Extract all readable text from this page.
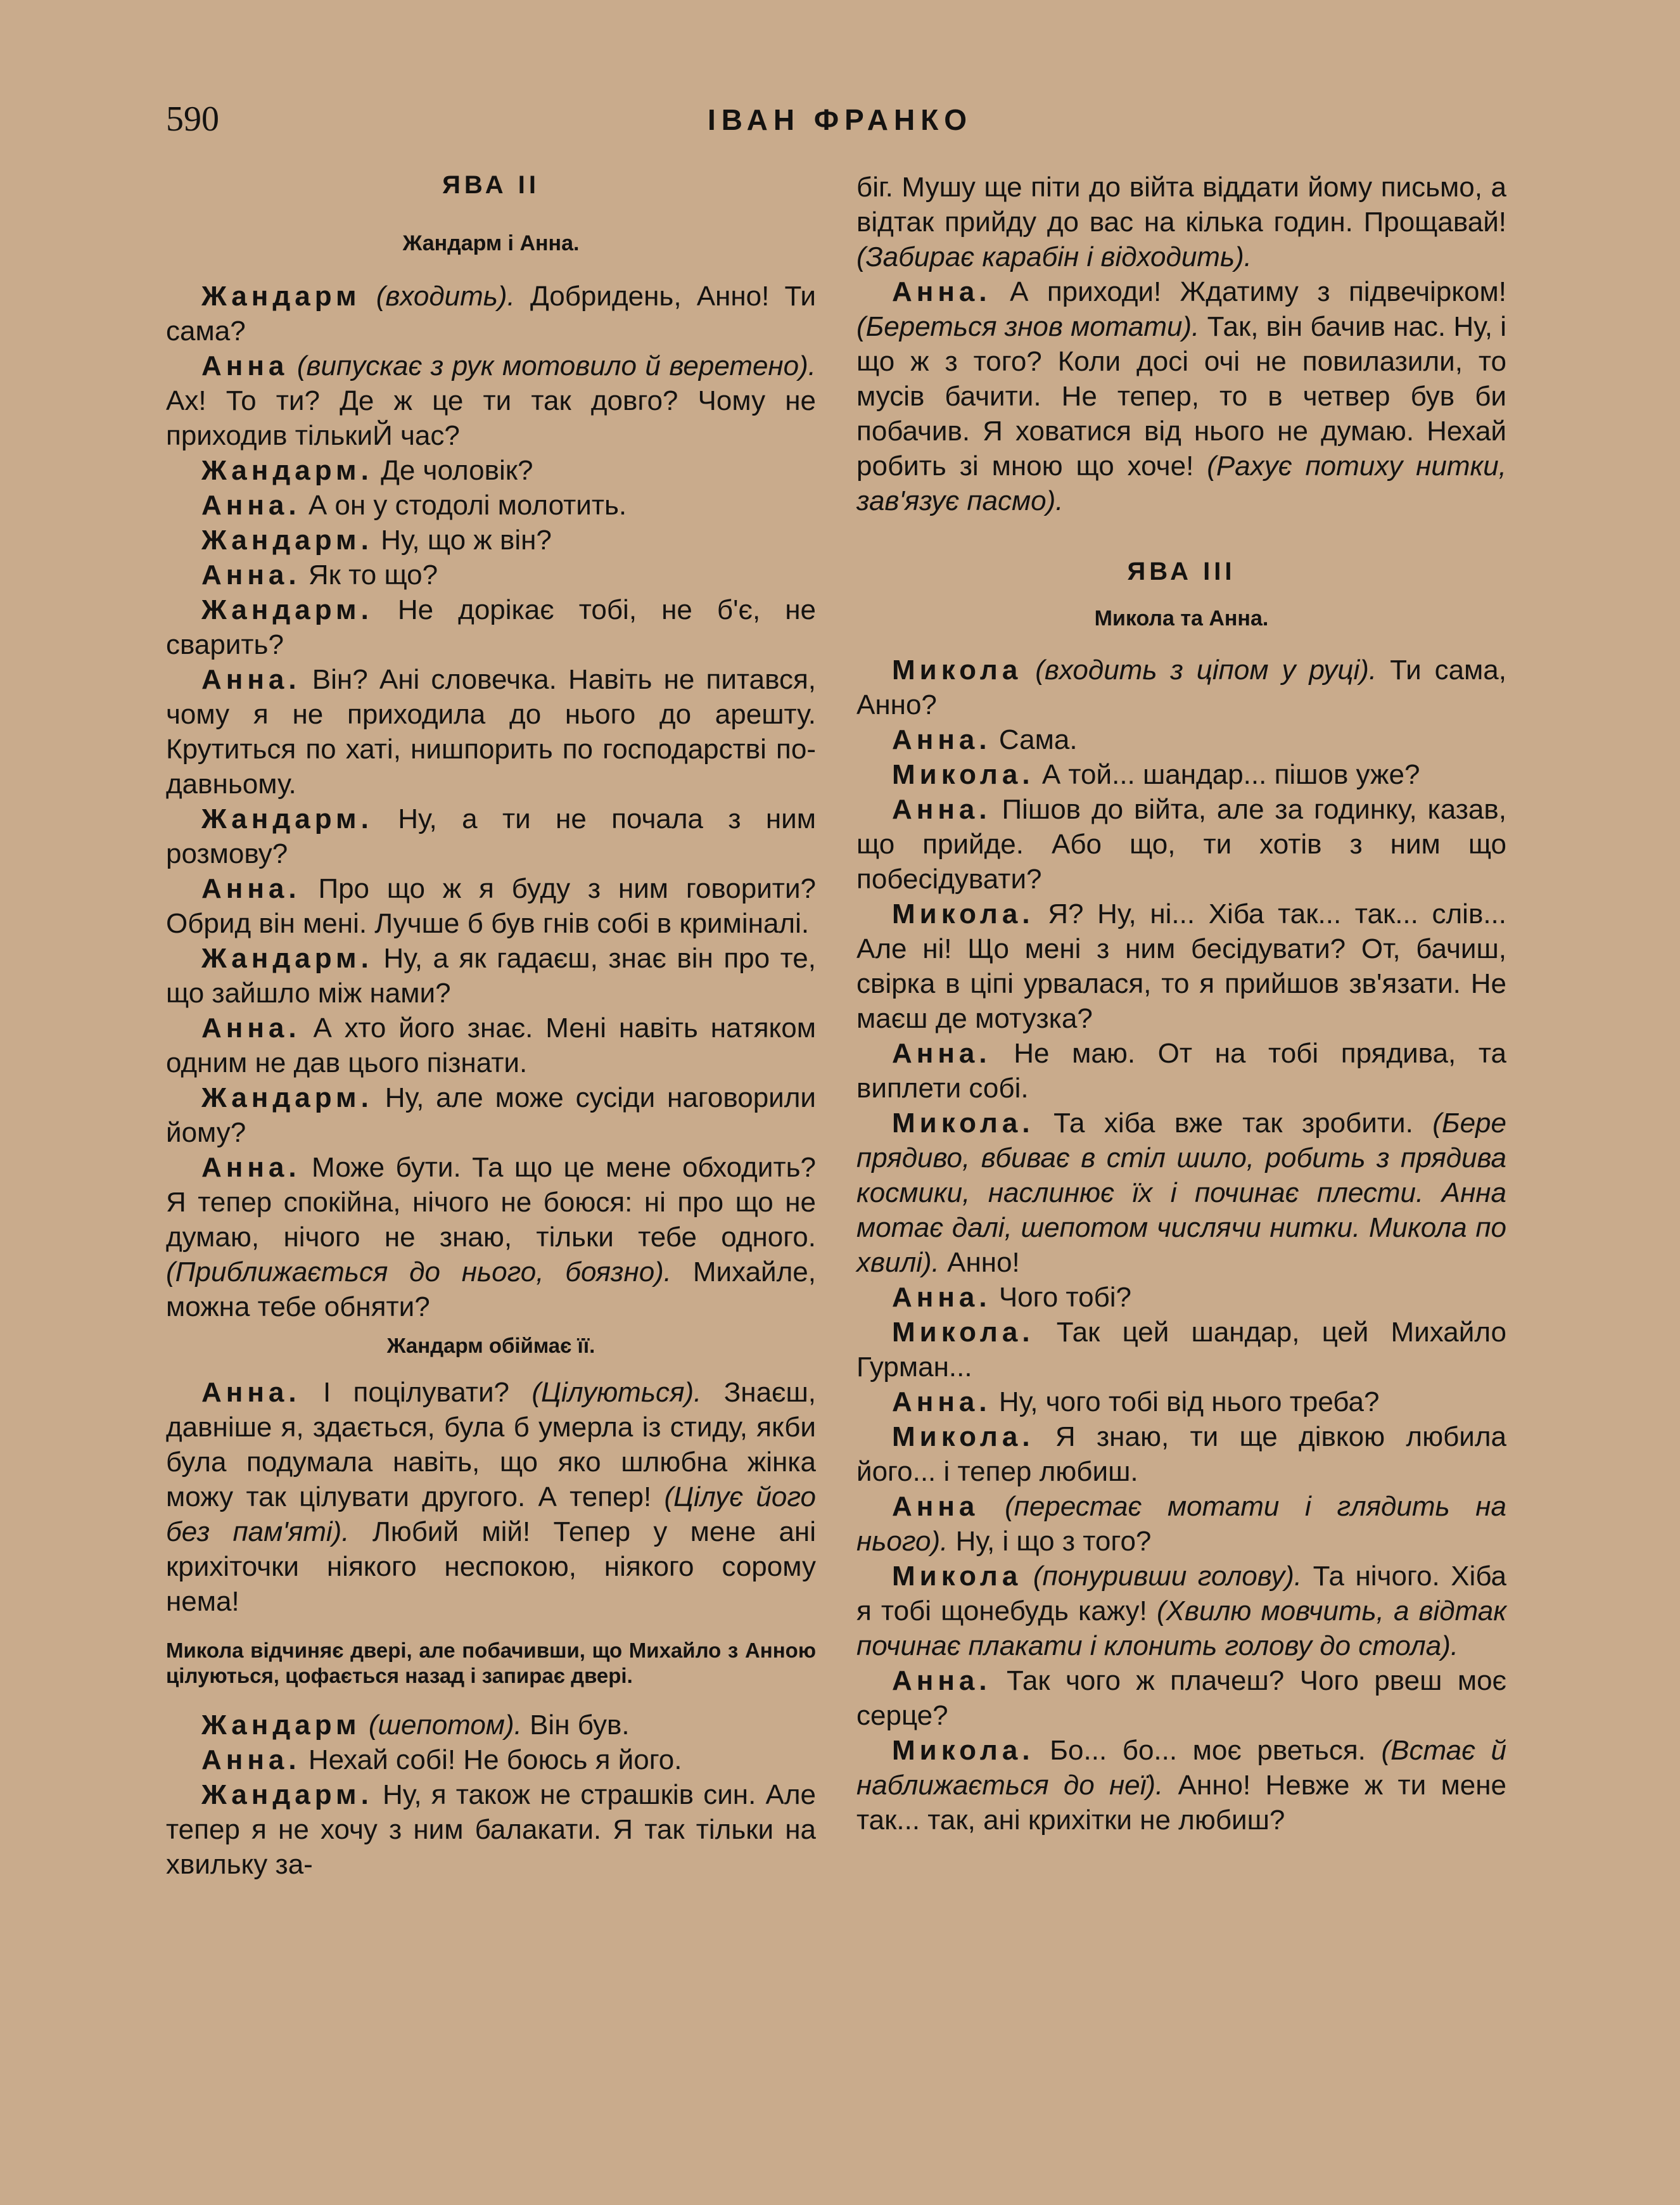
590	ІВАН ФРАНКО

ЯВА II

Жандарм і Анна.

Жандарм (входить). Добридень, Анно! Ти сама?

Анна (випускає з рук мотовило й веретено). Ах! То ти? Де ж це ти так довго? Чому не приходив тількиЙ час?

Жандарм. Де чоловік?

Анна. А он у стодолі молотить.

Жандарм. Ну, що ж він?

Анна. Як то що?

Жандарм. Не дорікає тобі, не б'є, не сварить?

Анна. Він? Ані словечка. Навіть не питався, чому я не приходила до нього до арешту. Крутиться по хаті, нишпорить по господарстві по-давньому.

Жандарм. Ну, а ти не почала з ним розмову?

Анна. Про що ж я буду з ним говорити? Обрид він мені. Лучше б був гнів собі в криміналі.

Жандарм. Ну, а як гадаєш, знає він про те, що зайшло між нами?

Анна. А хто його знає. Мені навіть натяком одним не дав цього пізнати.

Жандарм. Ну, але може сусіди наговорили йому?

Анна. Може бути. Та що це мене обходить? Я тепер спокійна, нічого не боюся: ні про що не думаю, нічого не знаю, тільки тебе одного. (Приближається до нього, боязно). Михайле, можна тебе обняти?

Жандарм обіймає її.

Анна. І поцілувати? (Цілуються). Знаєш, давніше я, здається, була б умерла із стиду, якби була подумала навіть, що яко шлюбна жінка можу так цілувати другого. А тепер! (Цілує його без пам'яті). Любий мій! Тепер у мене ані крихіточки ніякого неспокою, ніякого сорому нема!

Микола відчиняє двері, але побачивши, що Михайло з Анною цілуються, цофається назад і запирає двері.

Жандарм (шепотом). Він був.

Анна. Нехай собі! Не боюсь я його.

Жандарм. Ну, я також не страшків син. Але тепер я не хочу з ним балакати. Я так тільки на хвильку за-

біг. Мушу ще піти до війта віддати йому письмо, а відтак прийду до вас на кілька годин. Прощавай! (Забирає карабін і відходить).

Анна. А приходи! Ждатиму з підвечірком! (Береться знов мотати). Так, він бачив нас. Ну, і що ж з того? Коли досі очі не повилазили, то мусів бачити. Не тепер, то в четвер був би побачив. Я ховатися від нього не думаю. Нехай робить зі мною що хоче! (Рахує потиху нитки, зав'язує пасмо).

ЯВА III

Микола та Анна.

Микола (входить з ціпом у руці). Ти сама, Анно?

Анна. Сама.

Микола. А той... шандар... пішов уже?

Анна. Пішов до війта, але за годинку, казав, що прийде. Або що, ти хотів з ним що побесідувати?

Микола. Я? Ну, ні... Хіба так... так... слів... Але ні! Що мені з ним бесідувати? От, бачиш, свірка в ціпі урвалася, то я прийшов зв'язати. Не маєш де мотузка?

Анна. Не маю. От на тобі прядива, та виплети собі.

Микола. Та хіба вже так зробити. (Бере прядиво, вбиває в стіл шило, робить з прядива космики, наслинює їх і починає плести. Анна мотає далі, шепотом числячи нитки. Микола по хвилі). Анно!

Анна. Чого тобі?

Микола. Так цей шандар, цей Михайло Гурман...

Анна. Ну, чого тобі від нього треба?

Микола. Я знаю, ти ще дівкою любила його... і тепер любиш.

Анна (перестає мотати і глядить на нього). Ну, і що з того?

Микола (понуривши голову). Та нічого. Хіба я тобі щонебудь кажу! (Хвилю мовчить, а відтак починає плакати і клонить голову до стола).

Анна. Так чого ж плачеш? Чого рвеш моє серце?

Микола. Бо... бо... моє рветься. (Встає й наближається до неї). Анно! Невже ж ти мене так... так, ані крихітки не любиш?
